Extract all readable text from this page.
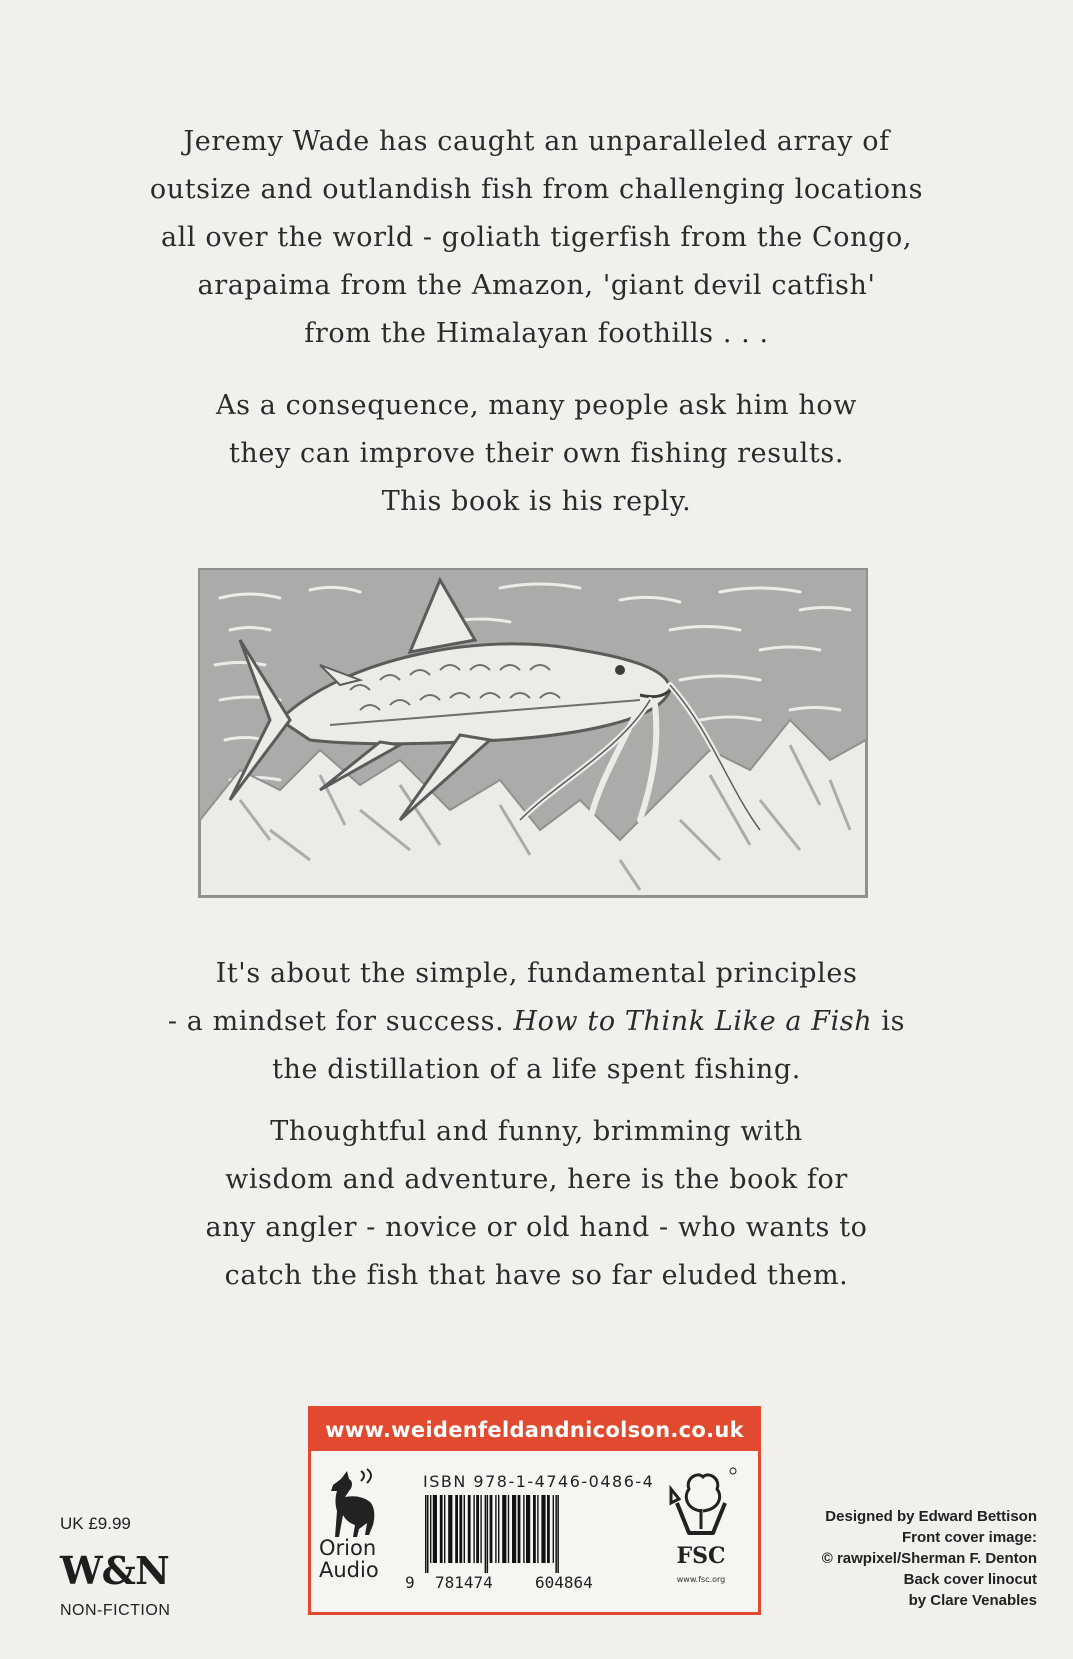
Jeremy Wade has caught an unparalleled array of

outsize and outlandish fish from challenging locations

all over the world - goliath tigerfish from the Congo,

arapaima from the Amazon, 'giant devil catfish'

from the Himalayan foothills . . .

As a consequence, many people ask him how

they can improve their own fishing results.

This book is his reply.

It's about the simple, fundamental principles

- a mindset for success. How to Think Like a Fish is

the distillation of a life spent fishing.

Thoughtful and funny, brimming with

wisdom and adventure, here is the book for

any angler - novice or old hand - who wants to

catch the fish that have so far eluded them.

www.weidenfeldandnicolson.co.uk
Orion
Audio
ISBN 978-1-4746-0486-4
9 781474	604864
FSC
www.fsc.org
UK £9.99
W&N
NON-FICTION
Designed by Edward Bettison
Front cover image:
© rawpixel/Sherman F. Denton
Back cover linocut
by Clare Venables
